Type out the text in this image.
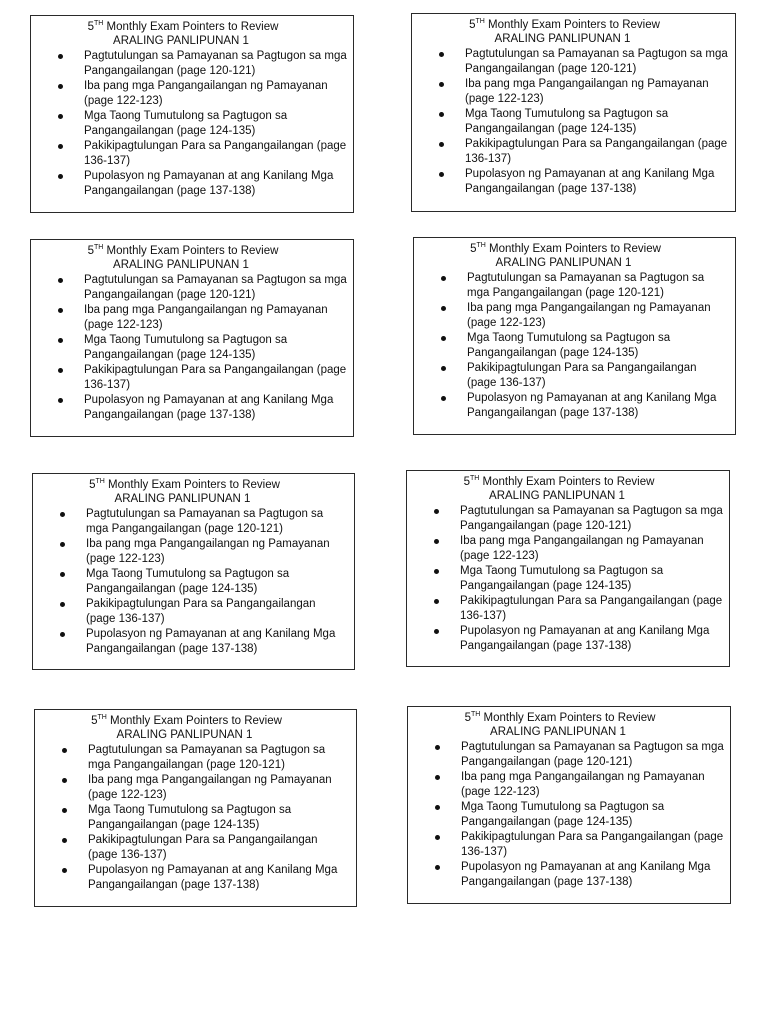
5TH Monthly Exam Pointers to Review

ARALING PANLIPUNAN 1

Pagtutulungan sa Pamayanan sa Pagtugon sa mga Pangangailangan (page 120-121)
Iba pang mga Pangangailangan ng Pamayanan (page 122-123)
Mga Taong Tumutulong sa Pagtugon sa Pangangailangan (page 124-135)
Pakikipagtulungan Para sa Pangangailangan (page 136-137)
Pupolasyon ng Pamayanan at ang Kanilang Mga Pangangailangan (page 137-138)

5TH Monthly Exam Pointers to Review

ARALING PANLIPUNAN 1

Pagtutulungan sa Pamayanan sa Pagtugon sa mga Pangangailangan (page 120-121)
Iba pang mga Pangangailangan ng Pamayanan (page 122-123)
Mga Taong Tumutulong sa Pagtugon sa Pangangailangan (page 124-135)
Pakikipagtulungan Para sa Pangangailangan (page 136-137)
Pupolasyon ng Pamayanan at ang Kanilang Mga Pangangailangan (page 137-138)

5TH Monthly Exam Pointers to Review

ARALING PANLIPUNAN 1

Pagtutulungan sa Pamayanan sa Pagtugon sa mga Pangangailangan (page 120-121)
Iba pang mga Pangangailangan ng Pamayanan (page 122-123)
Mga Taong Tumutulong sa Pagtugon sa Pangangailangan (page 124-135)
Pakikipagtulungan Para sa Pangangailangan (page 136-137)
Pupolasyon ng Pamayanan at ang Kanilang Mga Pangangailangan (page 137-138)

5TH Monthly Exam Pointers to Review

ARALING PANLIPUNAN 1

Pagtutulungan sa Pamayanan sa Pagtugon sa mga Pangangailangan (page 120-121)
Iba pang mga Pangangailangan ng Pamayanan (page 122-123)
Mga Taong Tumutulong sa Pagtugon sa Pangangailangan (page 124-135)
Pakikipagtulungan Para sa Pangangailangan (page 136-137)
Pupolasyon ng Pamayanan at ang Kanilang Mga Pangangailangan (page 137-138)

5TH Monthly Exam Pointers to Review

ARALING PANLIPUNAN 1

Pagtutulungan sa Pamayanan sa Pagtugon sa mga Pangangailangan (page 120-121)
Iba pang mga Pangangailangan ng Pamayanan (page 122-123)
Mga Taong Tumutulong sa Pagtugon sa Pangangailangan (page 124-135)
Pakikipagtulungan Para sa Pangangailangan (page 136-137)
Pupolasyon ng Pamayanan at ang Kanilang Mga Pangangailangan (page 137-138)

5TH Monthly Exam Pointers to Review

ARALING PANLIPUNAN 1

Pagtutulungan sa Pamayanan sa Pagtugon sa mga Pangangailangan (page 120-121)
Iba pang mga Pangangailangan ng Pamayanan (page 122-123)
Mga Taong Tumutulong sa Pagtugon sa Pangangailangan (page 124-135)
Pakikipagtulungan Para sa Pangangailangan (page 136-137)
Pupolasyon ng Pamayanan at ang Kanilang Mga Pangangailangan (page 137-138)

5TH Monthly Exam Pointers to Review

ARALING PANLIPUNAN 1

Pagtutulungan sa Pamayanan sa Pagtugon sa mga Pangangailangan (page 120-121)
Iba pang mga Pangangailangan ng Pamayanan (page 122-123)
Mga Taong Tumutulong sa Pagtugon sa Pangangailangan (page 124-135)
Pakikipagtulungan Para sa Pangangailangan (page 136-137)
Pupolasyon ng Pamayanan at ang Kanilang Mga Pangangailangan (page 137-138)

5TH Monthly Exam Pointers to Review

ARALING PANLIPUNAN 1

Pagtutulungan sa Pamayanan sa Pagtugon sa mga Pangangailangan (page 120-121)
Iba pang mga Pangangailangan ng Pamayanan (page 122-123)
Mga Taong Tumutulong sa Pagtugon sa Pangangailangan (page 124-135)
Pakikipagtulungan Para sa Pangangailangan (page 136-137)
Pupolasyon ng Pamayanan at ang Kanilang Mga Pangangailangan (page 137-138)
